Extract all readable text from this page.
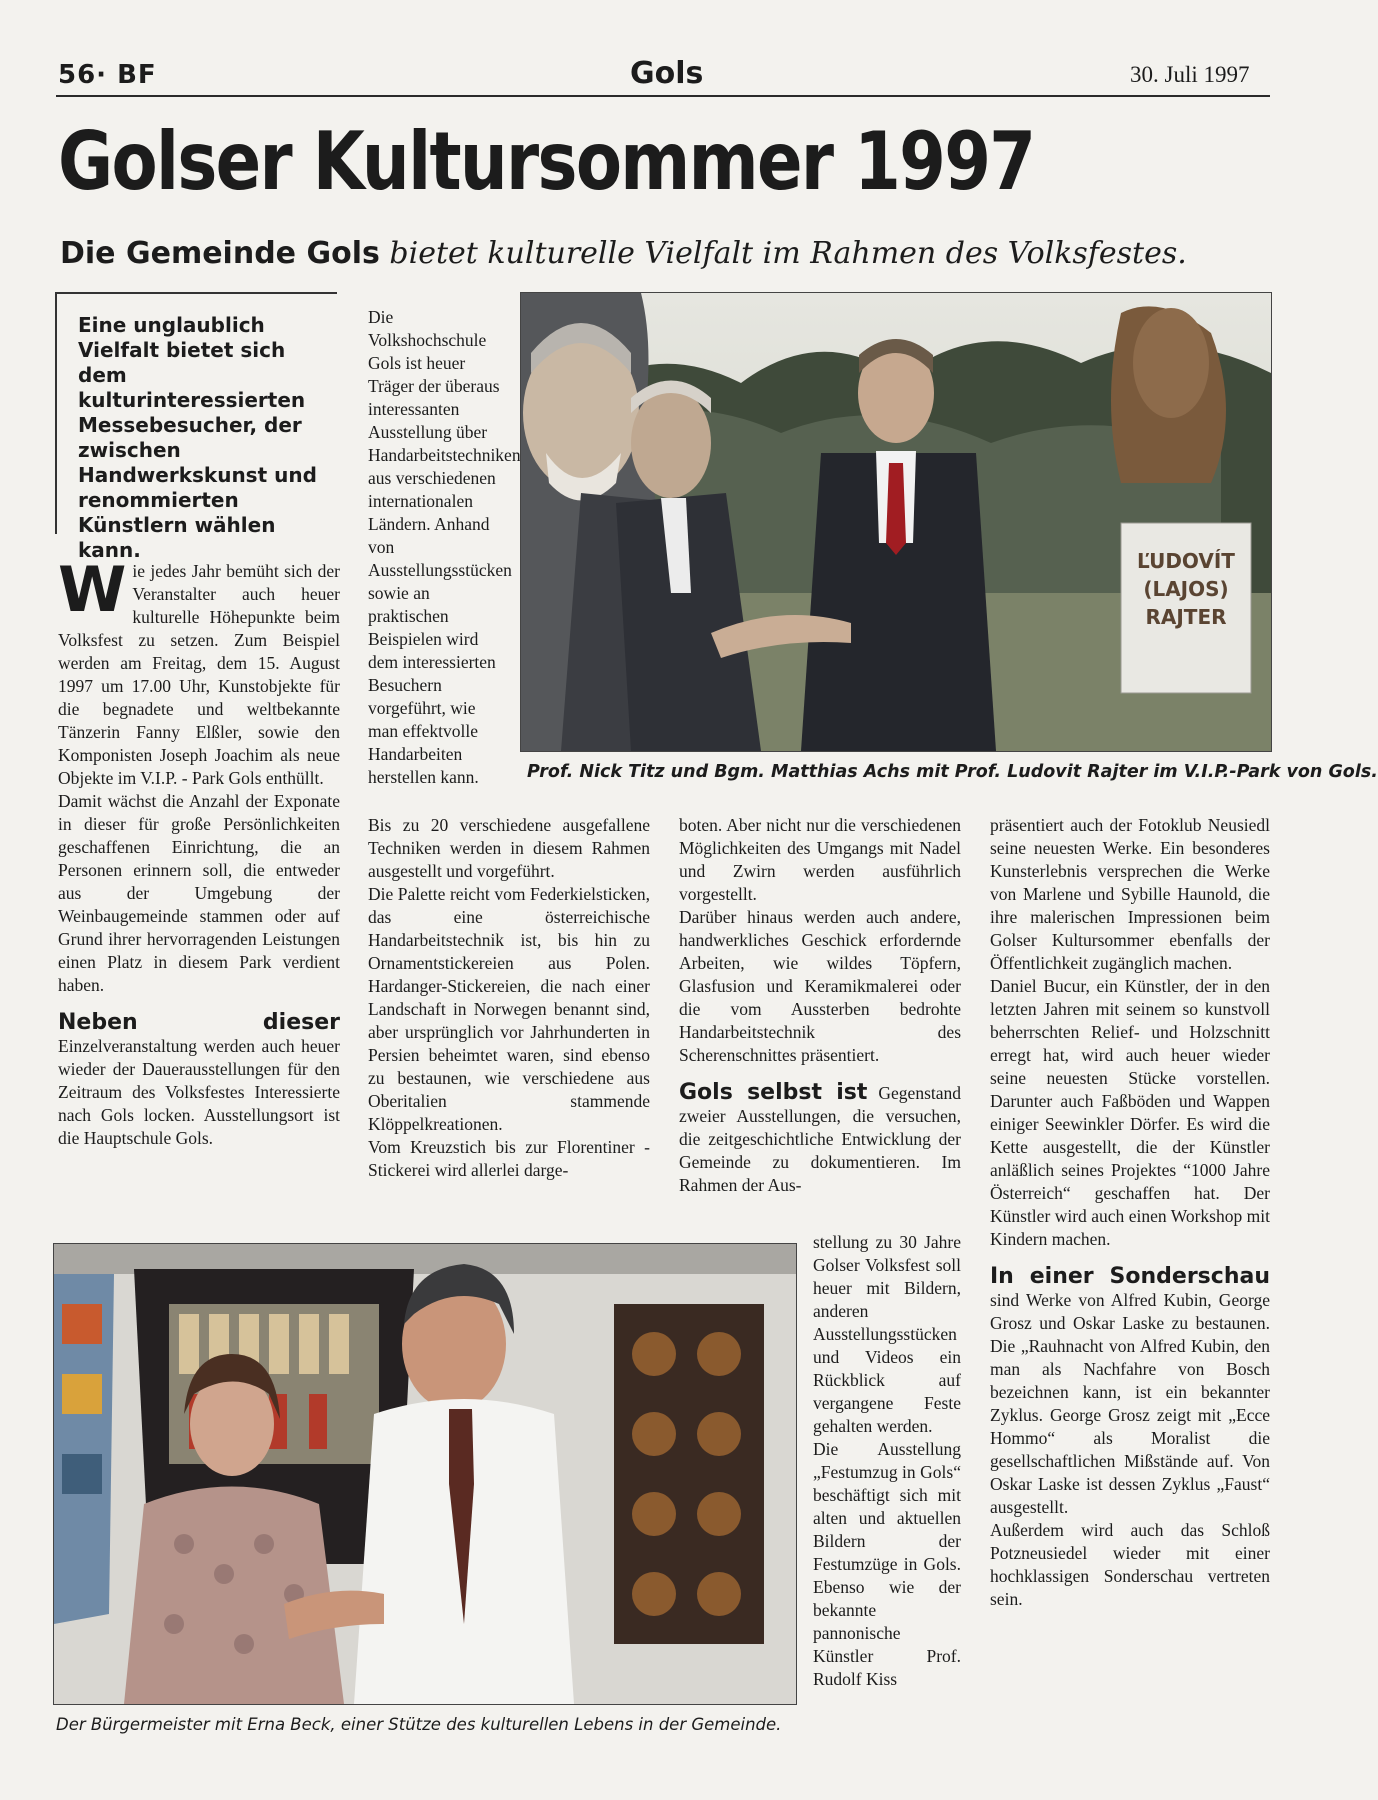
56· BF	Gols	30. Juli 1997
Golser Kultursommer 1997
Die Gemeinde Gols bietet kulturelle Vielfalt im Rahmen des Volksfestes.
Eine unglaublich Vielfalt bietet sich dem kulturinteressierten Messebesucher, der zwischen Handwerkskunst und renommierten Künstlern wählen kann.

Wie jedes Jahr bemüht sich der Veranstalter auch heuer kulturelle Höhepunkte beim Volksfest zu setzen. Zum Beispiel werden am Freitag, dem 15. August 1997 um 17.00 Uhr, Kunstobjekte für die begnadete und weltbekannte Tänzerin Fanny Elßler, sowie den Komponisten Joseph Joachim als neue Objekte im V.I.P. - Park Gols enthüllt.

Damit wächst die Anzahl der Exponate in dieser für große Persönlichkeiten geschaffenen Einrichtung, die an Personen erinnern soll, die entweder aus der Umgebung der Weinbaugemeinde stammen oder auf Grund ihrer hervorragenden Leistungen einen Platz in diesem Park verdient haben.

Neben dieser Einzelveranstaltung werden auch heuer wieder der Dauerausstellungen für den Zeitraum des Volksfestes Interessierte nach Gols locken. Ausstellungsort ist die Hauptschule Gols.

Die Volkshochschule Gols ist heuer Träger der überaus interessanten Ausstellung über Handarbeitstechniken aus verschiedenen internationalen Ländern. Anhand von Ausstellungsstücken sowie an praktischen Beispielen wird dem interessierten Besuchern vorgeführt, wie man effektvolle Handarbeiten herstellen kann.

Bis zu 20 verschiedene ausgefallene Techniken werden in diesem Rahmen ausgestellt und vorgeführt.

Die Palette reicht vom Federkielsticken, das eine österreichische Handarbeitstechnik ist, bis hin zu Ornamentstickereien aus Polen. Hardanger-Stickereien, die nach einer Landschaft in Norwegen benannt sind, aber ursprünglich vor Jahrhunderten in Persien beheimtet waren, sind ebenso zu bestaunen, wie verschiedene aus Oberitalien stammende Klöppelkreationen.

Vom Kreuzstich bis zur Florentiner -Stickerei wird allerlei darge-

boten. Aber nicht nur die verschiedenen Möglichkeiten des Umgangs mit Nadel und Zwirn werden ausführlich vorgestellt.

Darüber hinaus werden auch andere, handwerkliches Geschick erfordernde Arbeiten, wie wildes Töpfern, Glasfusion und Keramikmalerei oder die vom Aussterben bedrohte Handarbeitstechnik des Scherenschnittes präsentiert.

Gols selbst ist Gegenstand zweier Ausstellungen, die versuchen, die zeitgeschichtliche Entwicklung der Gemeinde zu dokumentieren. Im Rahmen der Aus-

stellung zu 30 Jahre Golser Volksfest soll heuer mit Bildern, anderen Ausstellungsstücken und Videos ein Rückblick auf vergangene Feste gehalten werden.

Die Ausstellung „Festumzug in Gols“ beschäftigt sich mit alten und aktuellen Bildern der Festumzüge in Gols. Ebenso wie der bekannte pannonische Künstler Prof. Rudolf Kiss

präsentiert auch der Fotoklub Neusiedl seine neuesten Werke. Ein besonderes Kunsterlebnis versprechen die Werke von Marlene und Sybille Haunold, die ihre malerischen Impressionen beim Golser Kultursommer ebenfalls der Öffentlichkeit zugänglich machen.

Daniel Bucur, ein Künstler, der in den letzten Jahren mit seinem so kunstvoll beherrschten Relief- und Holzschnitt erregt hat, wird auch heuer wieder seine neuesten Stücke vorstellen. Darunter auch Faßböden und Wappen einiger Seewinkler Dörfer. Es wird die Kette ausgestellt, die der Künstler anläßlich seines Projektes “1000 Jahre Österreich“ geschaffen hat. Der Künstler wird auch einen Workshop mit Kindern machen.

In einer Sonderschau sind Werke von Alfred Kubin, George Grosz und Oskar Laske zu bestaunen. Die „Rauhnacht von Alfred Kubin, den man als Nachfahre von Bosch bezeichnen kann, ist ein bekannter Zyklus. George Grosz zeigt mit „Ecce Hommo“ als Moralist die gesellschaftlichen Mißstände auf. Von Oskar Laske ist dessen Zyklus „Faust“ ausgestellt.

Außerdem wird auch das Schloß Potzneusiedel wieder mit einer hochklassigen Sonderschau vertreten sein.

ĽUDOVÍT
(LAJOS)
RAJTER
Prof. Nick Titz und Bgm. Matthias Achs mit Prof. Ludovit Rajter im V.I.P.-Park von Gols.
Der Bürgermeister mit Erna Beck, einer Stütze des kulturellen Lebens in der Gemeinde.
